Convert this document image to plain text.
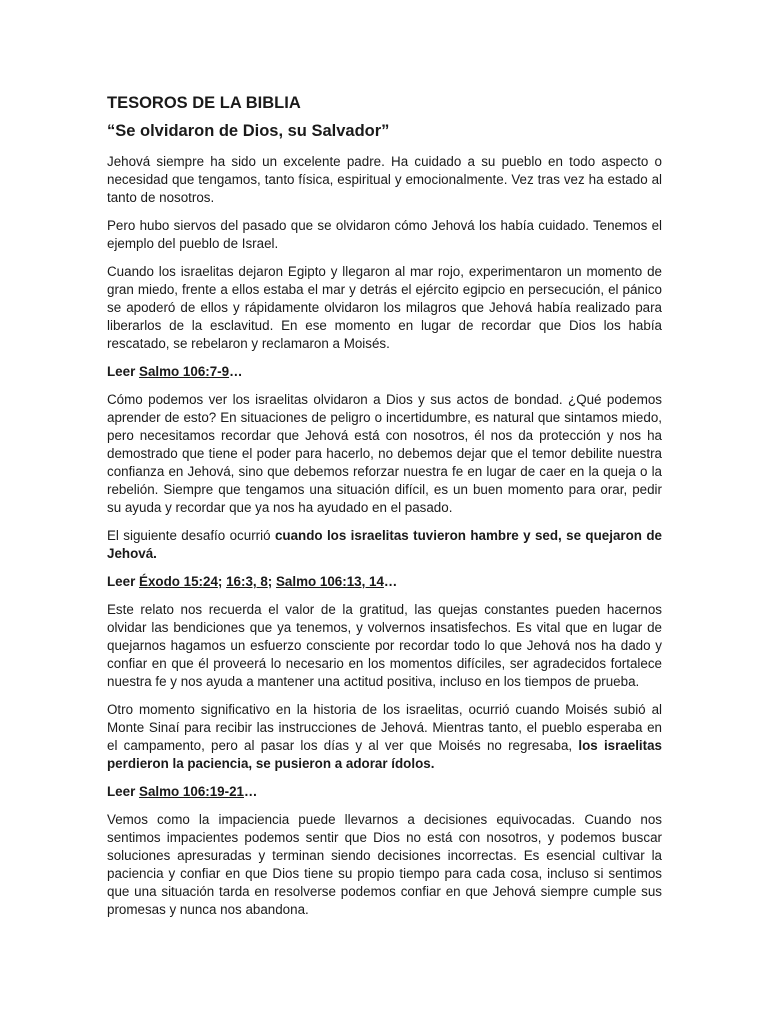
TESOROS DE LA BIBLIA
“Se olvidaron de Dios, su Salvador”

Jehová siempre ha sido un excelente padre. Ha cuidado a su pueblo en todo aspecto o necesidad que tengamos, tanto física, espiritual y emocionalmente. Vez tras vez ha estado al tanto de nosotros.

Pero hubo siervos del pasado que se olvidaron cómo Jehová los había cuidado. Tenemos el ejemplo del pueblo de Israel.

Cuando los israelitas dejaron Egipto y llegaron al mar rojo, experimentaron un momento de gran miedo, frente a ellos estaba el mar y detrás el ejército egipcio en persecución, el pánico se apoderó de ellos y rápidamente olvidaron los milagros que Jehová había realizado para liberarlos de la esclavitud. En ese momento en lugar de recordar que Dios los había rescatado, se rebelaron y reclamaron a Moisés.

Leer Salmo 106:7-9…

Cómo podemos ver los israelitas olvidaron a Dios y sus actos de bondad. ¿Qué podemos aprender de esto? En situaciones de peligro o incertidumbre, es natural que sintamos miedo, pero necesitamos recordar que Jehová está con nosotros, él nos da protección y nos ha demostrado que tiene el poder para hacerlo, no debemos dejar que el temor debilite nuestra confianza en Jehová, sino que debemos reforzar nuestra fe en lugar de caer en la queja o la rebelión. Siempre que tengamos una situación difícil, es un buen momento para orar, pedir su ayuda y recordar que ya nos ha ayudado en el pasado.

El siguiente desafío ocurrió cuando los israelitas tuvieron hambre y sed, se quejaron de Jehová.

Leer Éxodo 15:24; 16:3, 8; Salmo 106:13, 14…

Este relato nos recuerda el valor de la gratitud, las quejas constantes pueden hacernos olvidar las bendiciones que ya tenemos, y volvernos insatisfechos. Es vital que en lugar de quejarnos hagamos un esfuerzo consciente por recordar todo lo que Jehová nos ha dado y confiar en que él proveerá lo necesario en los momentos difíciles, ser agradecidos fortalece nuestra fe y nos ayuda a mantener una actitud positiva, incluso en los tiempos de prueba.

Otro momento significativo en la historia de los israelitas, ocurrió cuando Moisés subió al Monte Sinaí para recibir las instrucciones de Jehová. Mientras tanto, el pueblo esperaba en el campamento, pero al pasar los días y al ver que Moisés no regresaba, los israelitas perdieron la paciencia, se pusieron a adorar ídolos.

Leer Salmo 106:19-21…

Vemos como la impaciencia puede llevarnos a decisiones equivocadas. Cuando nos sentimos impacientes podemos sentir que Dios no está con nosotros, y podemos buscar soluciones apresuradas y terminan siendo decisiones incorrectas. Es esencial cultivar la paciencia y confiar en que Dios tiene su propio tiempo para cada cosa, incluso si sentimos que una situación tarda en resolverse podemos confiar en que Jehová siempre cumple sus promesas y nunca nos abandona.
